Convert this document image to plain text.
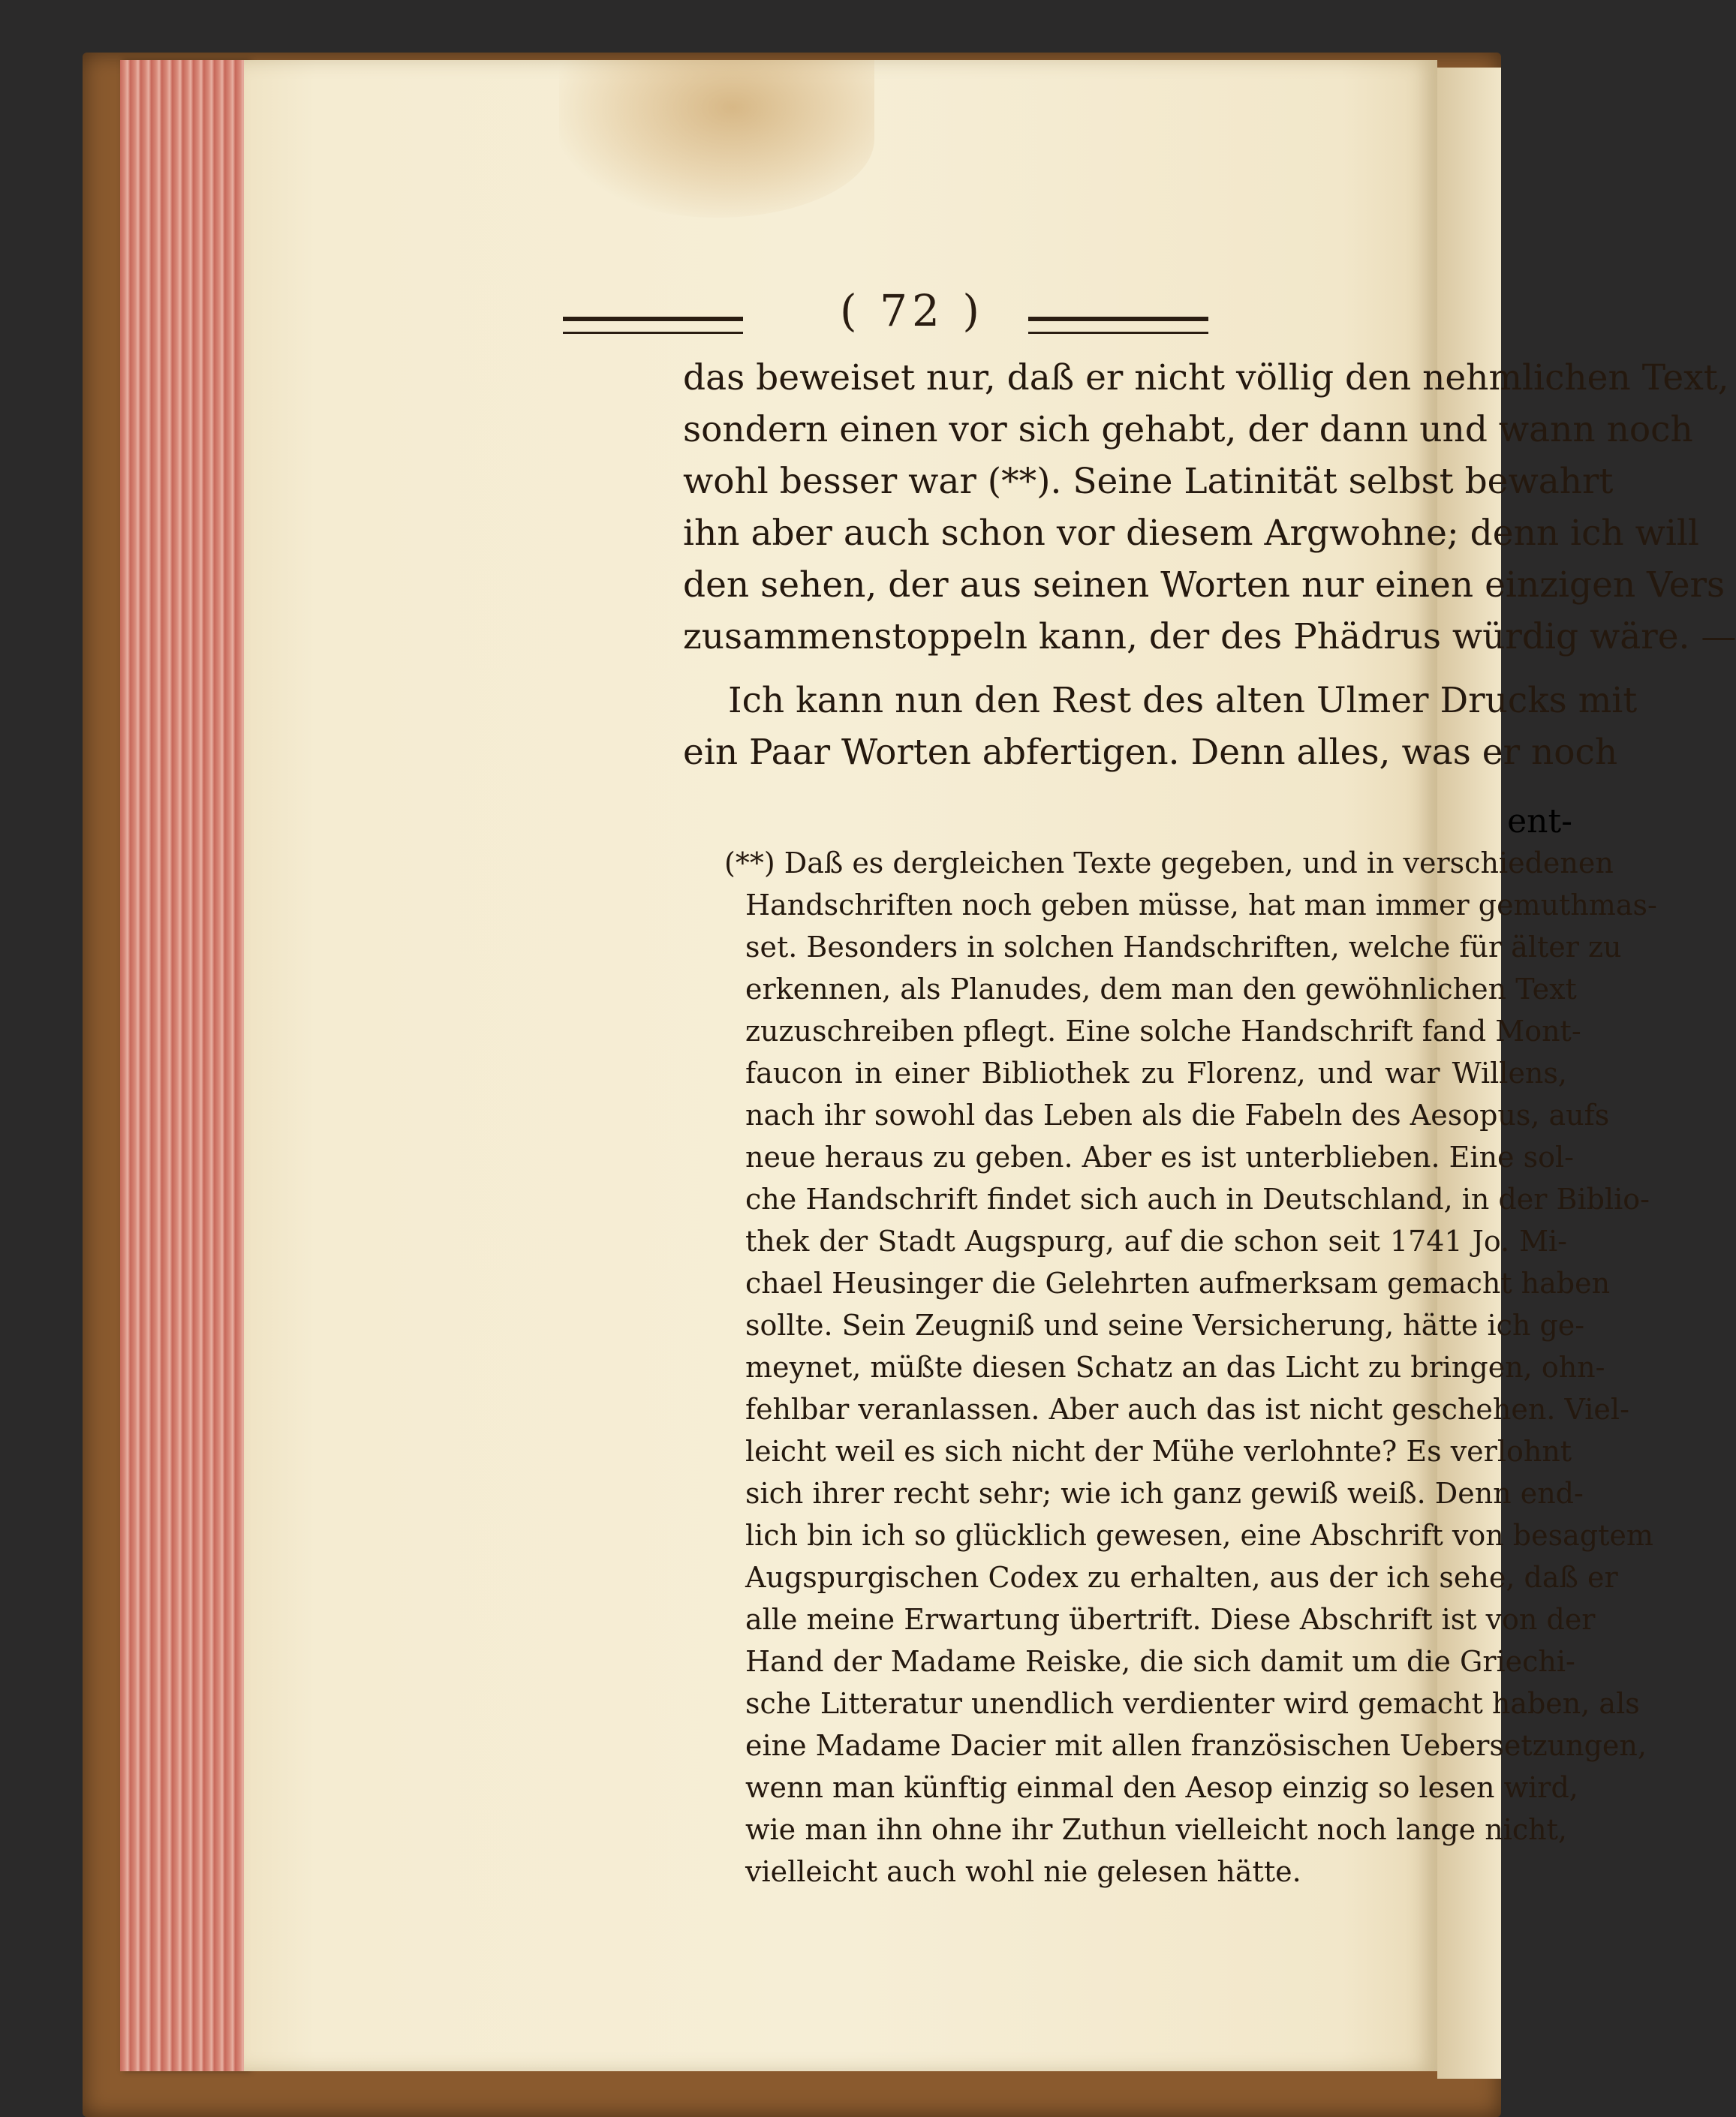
( 72 )
das beweiset nur, daß er nicht völlig den nehmlichen Text,
sondern einen vor sich gehabt, der dann und wann noch
wohl besser war (**). Seine Latinität selbst bewahrt
ihn aber auch schon vor diesem Argwohne; denn ich will
den sehen, der aus seinen Worten nur einen einzigen Vers
zusammenstoppeln kann, der des Phädrus würdig wäre. —
Ich kann nun den Rest des alten Ulmer Drucks mit
ein Paar Worten abfertigen. Denn alles, was er noch
ent-
(**) Daß es dergleichen Texte gegeben, und in verschiedenen
Handschriften noch geben müsse, hat man immer gemuthmas-
set. Besonders in solchen Handschriften, welche für älter zu
erkennen, als Planudes, dem man den gewöhnlichen Text
zuzuschreiben pflegt. Eine solche Handschrift fand Mont-
faucon in einer Bibliothek zu Florenz, und war Willens,
nach ihr sowohl das Leben als die Fabeln des Aesopus, aufs
neue heraus zu geben. Aber es ist unterblieben. Eine sol-
che Handschrift findet sich auch in Deutschland, in der Biblio-
thek der Stadt Augspurg, auf die schon seit 1741 Jo. Mi-
chael Heusinger die Gelehrten aufmerksam gemacht haben
sollte. Sein Zeugniß und seine Versicherung, hätte ich ge-
meynet, müßte diesen Schatz an das Licht zu bringen, ohn-
fehlbar veranlassen. Aber auch das ist nicht geschehen. Viel-
leicht weil es sich nicht der Mühe verlohnte? Es verlohnt
sich ihrer recht sehr; wie ich ganz gewiß weiß. Denn end-
lich bin ich so glücklich gewesen, eine Abschrift von besagtem
Augspurgischen Codex zu erhalten, aus der ich sehe, daß er
alle meine Erwartung übertrift. Diese Abschrift ist von der
Hand der Madame Reiske, die sich damit um die Griechi-
sche Litteratur unendlich verdienter wird gemacht haben, als
eine Madame Dacier mit allen französischen Uebersetzungen,
wenn man künftig einmal den Aesop einzig so lesen wird,
wie man ihn ohne ihr Zuthun vielleicht noch lange nicht,
vielleicht auch wohl nie gelesen hätte.
